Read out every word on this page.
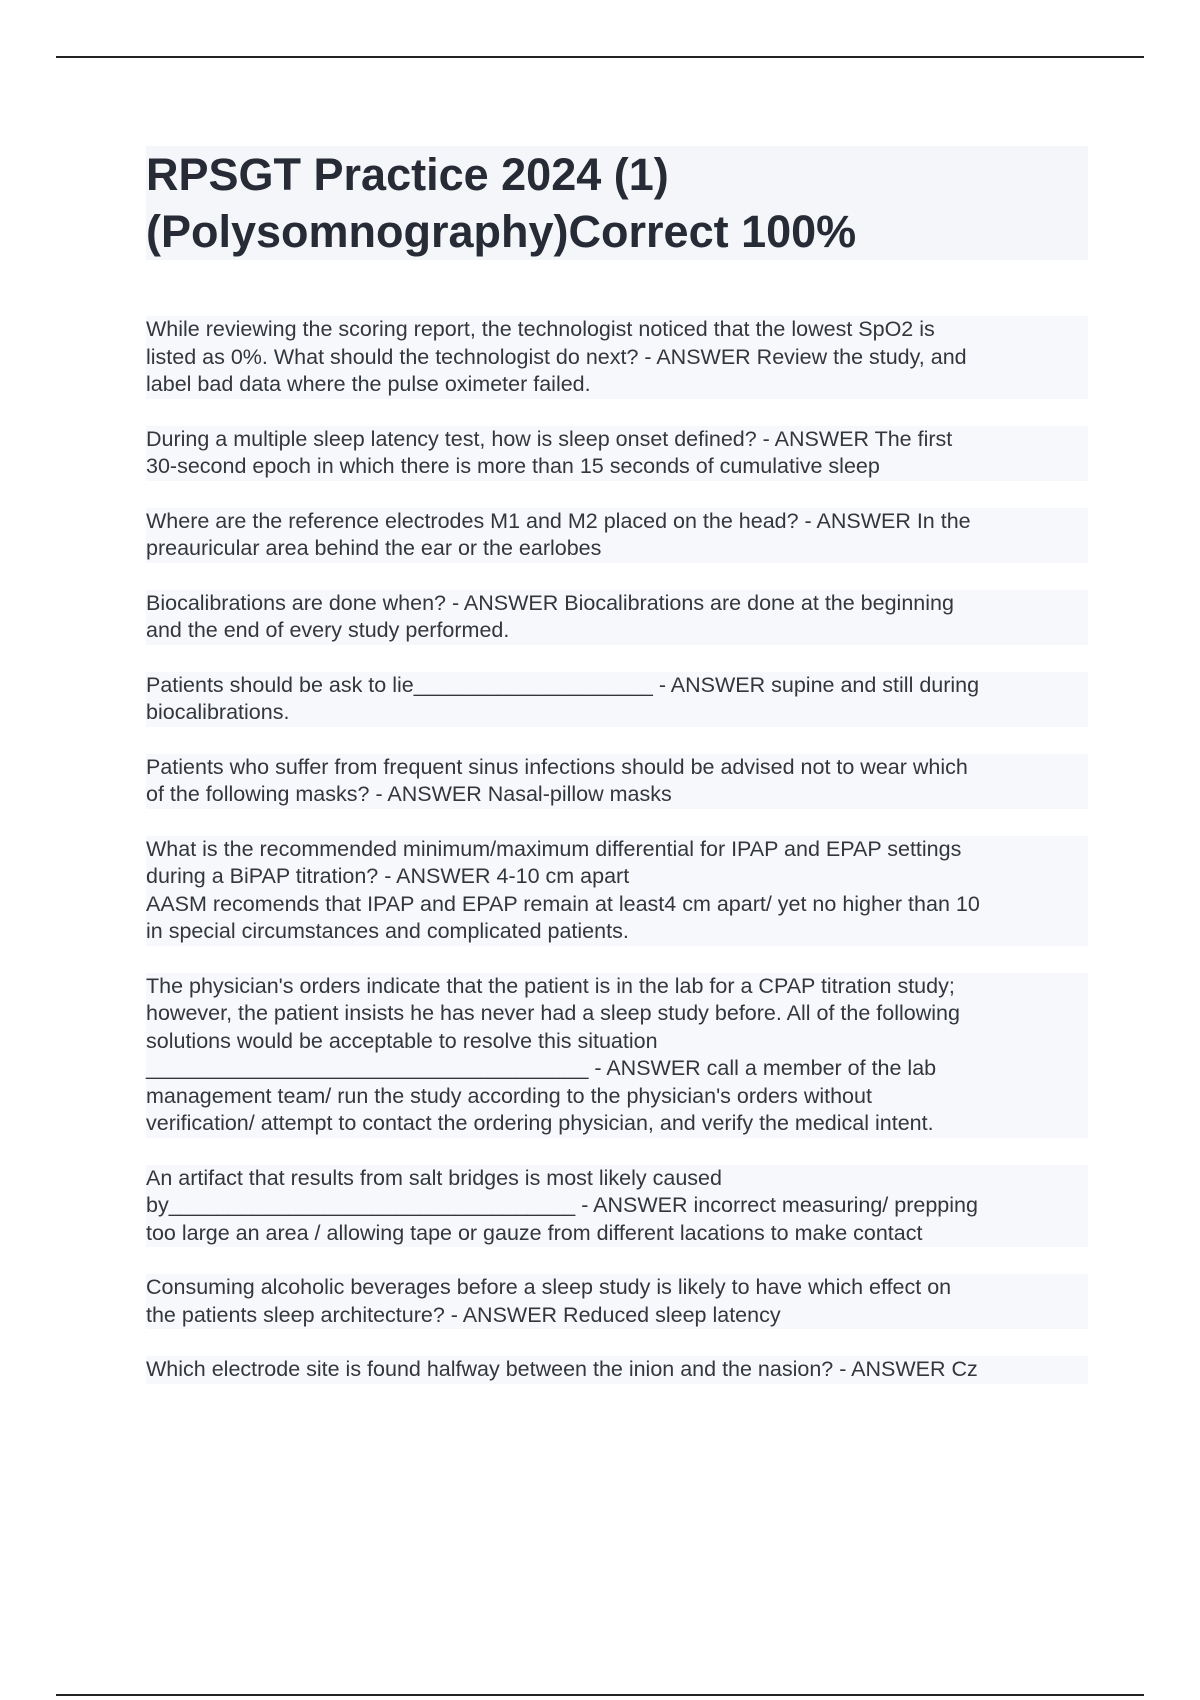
RPSGT Practice 2024 (1)
(Polysomnography)Correct 100%
While reviewing the scoring report, the technologist noticed that the lowest SpO2 is
listed as 0%. What should the technologist do next? - ANSWER Review the study, and
label bad data where the pulse oximeter failed.
During a multiple sleep latency test, how is sleep onset defined? - ANSWER The first
30-second epoch in which there is more than 15 seconds of cumulative sleep
Where are the reference electrodes M1 and M2 placed on the head? - ANSWER In the
preauricular area behind the ear or the earlobes
Biocalibrations are done when? - ANSWER Biocalibrations are done at the beginning
and the end of every study performed.
Patients should be ask to lie____________________ - ANSWER supine and still during
biocalibrations.
Patients who suffer from frequent sinus infections should be advised not to wear which
of the following masks? - ANSWER Nasal-pillow masks
What is the recommended minimum/maximum differential for IPAP and EPAP settings
during a BiPAP titration? - ANSWER 4-10 cm apart
AASM recomends that IPAP and EPAP remain at least4 cm apart/ yet no higher than 10
in special circumstances and complicated patients.
The physician's orders indicate that the patient is in the lab for a CPAP titration study;
however, the patient insists he has never had a sleep study before. All of the following
solutions would be acceptable to resolve this situation
_____________________________________ - ANSWER call a member of the lab
management team/ run the study according to the physician's orders without
verification/ attempt to contact the ordering physician, and verify the medical intent.
An artifact that results from salt bridges is most likely caused
by__________________________________ - ANSWER incorrect measuring/ prepping
too large an area / allowing tape or gauze from different lacations to make contact
Consuming alcoholic beverages before a sleep study is likely to have which effect on
the patients sleep architecture? - ANSWER Reduced sleep latency
Which electrode site is found halfway between the inion and the nasion? - ANSWER Cz
